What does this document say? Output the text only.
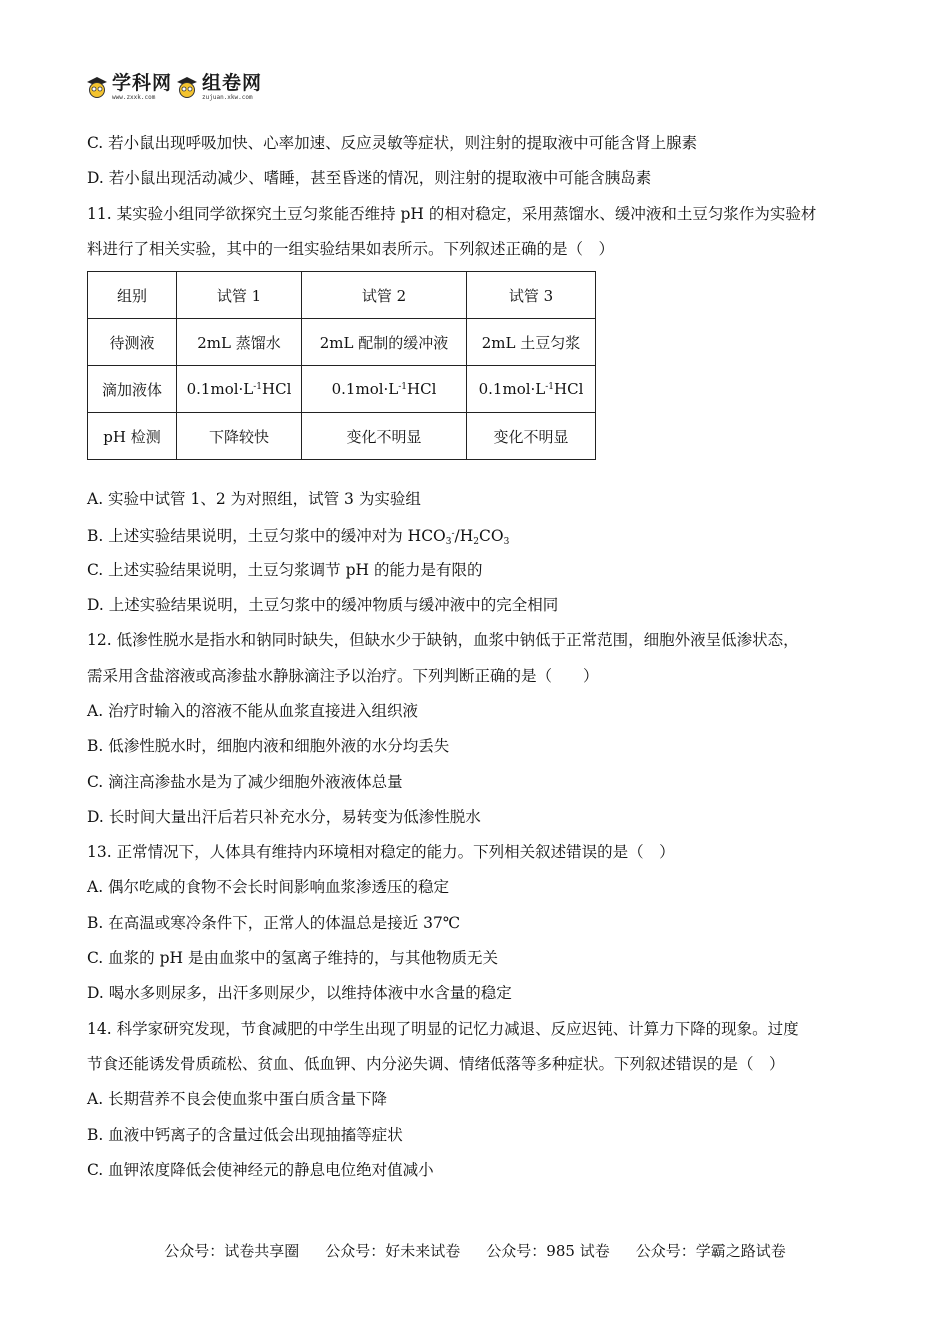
学科网
www.zxxk.com
组卷网
zujuan.xkw.com
C. 若小鼠出现呼吸加快、心率加速、反应灵敏等症状，则注射的提取液中可能含肾上腺素
D. 若小鼠出现活动减少、嗜睡，甚至昏迷的情况，则注射的提取液中可能含胰岛素
11. 某实验小组同学欲探究土豆匀浆能否维持 pH 的相对稳定，采用蒸馏水、缓冲液和土豆匀浆作为实验材
料进行了相关实验，其中的一组实验结果如表所示。下列叙述正确的是（　）
组别	试管 1	试管 2	试管 3
待测液	2mL 蒸馏水	2mL 配制的缓冲液	2mL 土豆匀浆
滴加液体	$0.1mol\cdot L^{-1}HCl$	$0.1mol\cdot L^{-1}HCl$	$0.1mol\cdot L^{-1}HCl$
pH 检测	下降较快	变化不明显	变化不明显
A. 实验中试管 1、2 为对照组，试管 3 为实验组
B. 上述实验结果说明，土豆匀浆中的缓冲对为 $HCO_3^-/H_2CO_3$
C. 上述实验结果说明，土豆匀浆调节 pH 的能力是有限的
D. 上述实验结果说明，土豆匀浆中的缓冲物质与缓冲液中的完全相同
12. 低渗性脱水是指水和钠同时缺失，但缺水少于缺钠，血浆中钠低于正常范围，细胞外液呈低渗状态，
需采用含盐溶液或高渗盐水静脉滴注予以治疗。下列判断正确的是（　　）
A. 治疗时输入的溶液不能从血浆直接进入组织液
B. 低渗性脱水时，细胞内液和细胞外液的水分均丢失
C. 滴注高渗盐水是为了减少细胞外液液体总量
D. 长时间大量出汗后若只补充水分，易转变为低渗性脱水
13. 正常情况下，人体具有维持内环境相对稳定的能力。下列相关叙述错误的是（　）
A. 偶尔吃咸的食物不会长时间影响血浆渗透压的稳定
B. 在高温或寒冷条件下，正常人的体温总是接近 37℃
C. 血浆的 pH 是由血浆中的氢离子维持的，与其他物质无关
D. 喝水多则尿多，出汗多则尿少，以维持体液中水含量的稳定
14. 科学家研究发现，节食减肥的中学生出现了明显的记忆力减退、反应迟钝、计算力下降的现象。过度
节食还能诱发骨质疏松、贫血、低血钾、内分泌失调、情绪低落等多种症状。下列叙述错误的是（　）
A. 长期营养不良会使血浆中蛋白质含量下降
B. 血液中钙离子的含量过低会出现抽搐等症状
C. 血钾浓度降低会使神经元的静息电位绝对值减小
公众号：试卷共享圈 公众号：好未来试卷 公众号：985 试卷 公众号：学霸之路试卷
